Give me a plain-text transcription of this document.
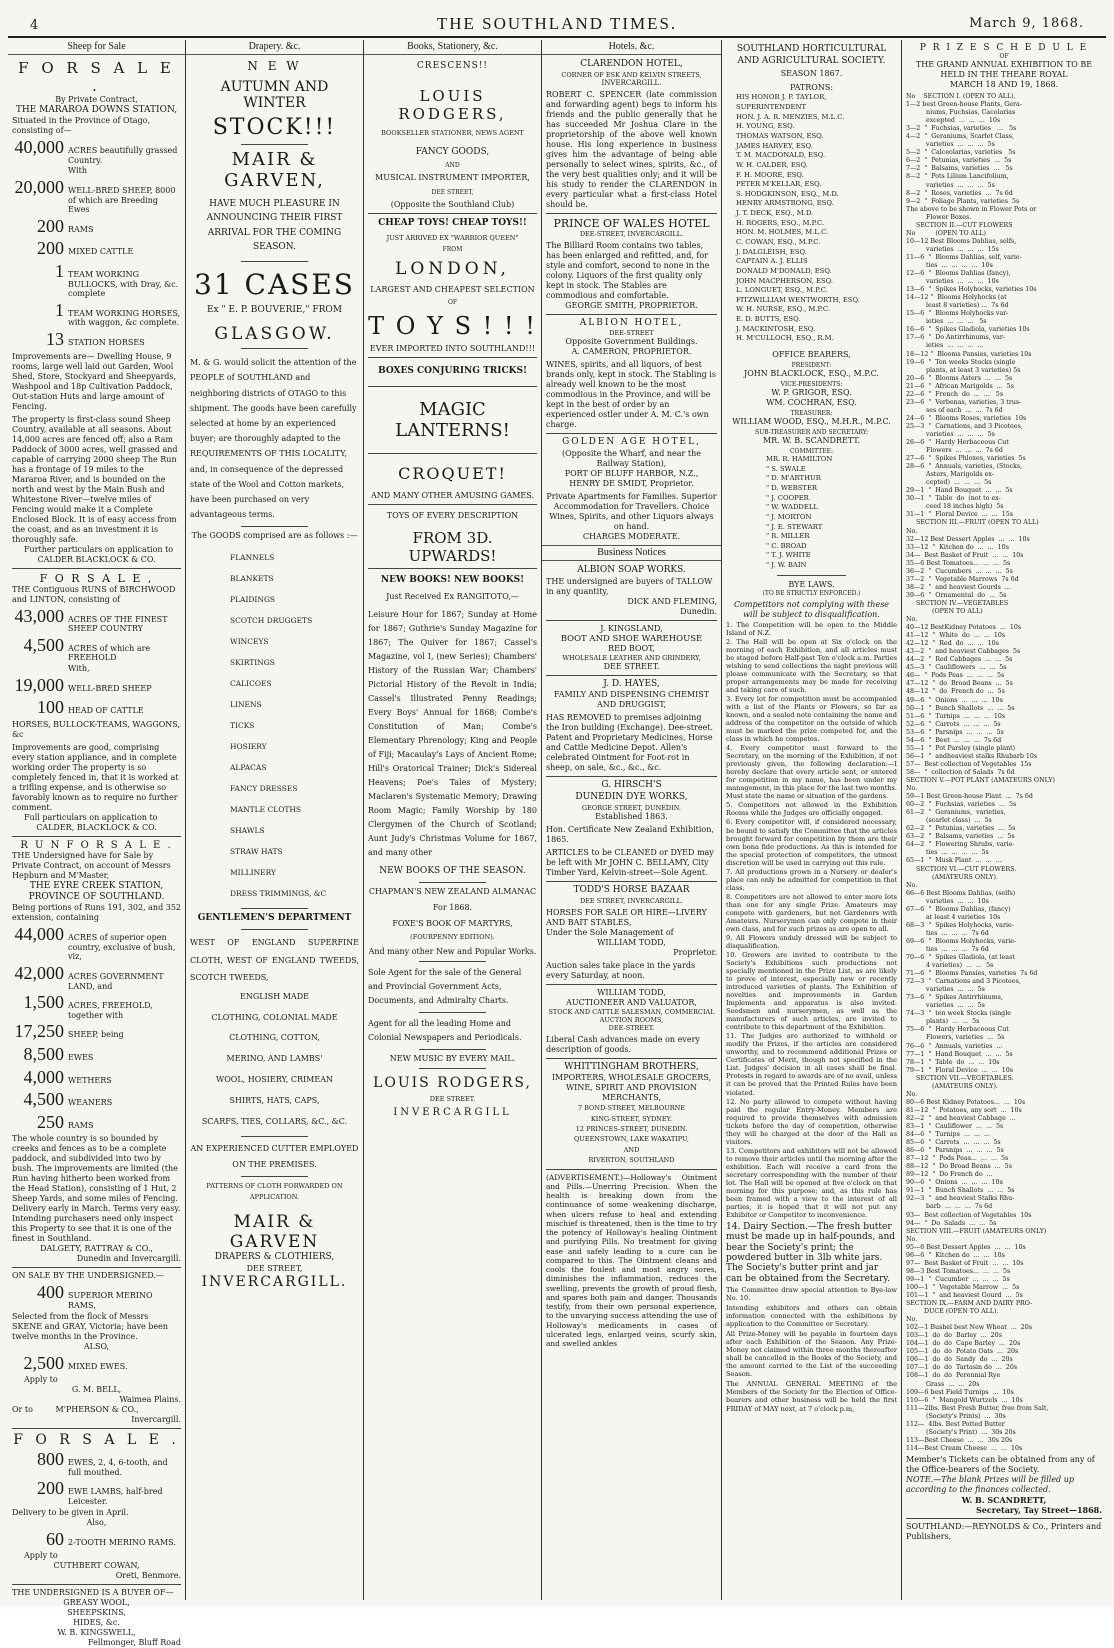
4	THE SOUTHLAND TIMES.	March 9, 1868.
Sheep for Sale
F O R S A L E .
By Private Contract,
THE MARAROA DOWNS STATION,
Situated in the Province of Otago, consisting of—
40,000 ACRES beautifully grassed Country.
With
20,000 WELL-BRED SHEEP, 8000 of which are Breeding Ewes
200 RAMS
200 MIXED CATTLE
1 TEAM WORKING BULLOCKS, with Dray, &c. complete
1 TEAM WORKING HORSES, with waggon, &c complete.
13 STATION HORSES

Improvements are— Dwelling House, 9 rooms, large well laid out Garden, Wool Shed, Store, Stockyard and Sheepyards, Washpool and 18p Cultivation Paddock, Out-station Huts and large amount of Fencing.

The property is first-class sound Sheep Country, available at all seasons. About 14,000 acres are fenced off; also a Ram Paddock of 3000 acres, well grassed and capable of carrying 2000 sheep The Run has a frontage of 19 miles to the Mararoa River, and is bounded on the north and west by the Main Bush and Whitestone River—twelve miles of Fencing would make it a Complete Enclosed Block. It is of easy access from the coast, and as an investment it is thoroughly safe.

Further particulars on application to
CALDER BLACKLOCK & CO.
F O R S A L E ,
THE Contiguous RUNS of BIRCHWOOD and LINTON, consisting of
43,000 ACRES OF THE FINEST SHEEP COUNTRY
4,500 ACRES of which are FREEHOLD
With,
19,000 WELL-BRED SHEEP
100 HEAD OF CATTLE
HORSES, BULLOCK-TEAMS, WAGGONS, &c

Improvements are good, comprising every station appliance, and in complete working order The property is so completely fenced in, that it is worked at a trifling expense, and is otherwise so favorably known as to require no further comment.

Full particulars on application to
CALDER, BLACKLOCK & CO.
R U N F O R S A L E .
THE Undersigned have for Sale by Private Contract, on account of Messrs Hepburn and M'Master,
THE EYRE CREEK STATION, PROVINCE OF SOUTHLAND.
Being portions of Runs 191, 302, and 352 extension, containing
44,000 ACRES of superior open country, exclusive of bush, viz,
42,000 ACRES GOVERNMENT LAND, and
1,500 ACRES, FREEHOLD, together with
17,250 SHEEP, being
8,500 EWES
4,000 WETHERS
4,500 WEANERS
250 RAMS

The whole country is so bounded by creeks and fences as to be a complete paddock, and subdivided into two by bush. The improvements are limited (the Run having hitherto been worked from the Head Station), consisting of 1 Hut, 2 Sheep Yards, and some miles of Fencing. Delivery early in March. Terms very easy. Intending purchasers need only inspect this Property to see that it is one of the finest in Southland.

DALGETY, RATTRAY & CO.,
Dunedin and Invercargill.
ON SALE BY THE UNDERSIGNED.—
400 SUPERIOR MERINO RAMS,
Selected from the flock of Messrs SKENE and GRAY, Victoria; have been twelve months in the Province.
ALSO,
2,500 MIXED EWES.
Apply to
G. M. BELL,
Waimea Plains.
Or to	M'PHERSON & CO.,
Invercargill.
F O R S A L E .
800 EWES, 2, 4, 6-tooth, and full mouthed.
200 EWE LAMBS, half-bred Leicester.
Delivery to be given in April.
Also,
60 2-TOOTH MERINO RAMS.
Apply to
CUTHBERT COWAN,
Oreti, Benmore.
THE UNDERSIGNED IS A BUYER OF—
GREASY WOOL,
SHEEPSKINS,
HIDES, &c.
W. B. KINGSWELL,
Fellmonger, Bluff Road
Drapery. &c.
N E W
AUTUMN AND WINTER
STOCK!!!
MAIR & GARVEN,
HAVE MUCH PLEASURE IN ANNOUNCING THEIR FIRST ARRIVAL FOR THE COMING SEASON.
31 CASES
Ex " E. P. BOUVERIE," FROM
GLASGOW.

M. & G. would solicit the attention of the PEOPLE of SOUTHLAND and neighboring districts of OTAGO to this shipment. The goods have been carefully selected at home by an experienced buyer; are thoroughly adapted to the REQUIREMENTS OF THIS LOCALITY, and, in consequence of the depressed state of the Wool and Cotton markets, have been purchased on very advantageous terms.

The GOODS comprised are as follows :—
FLANNELS
BLANKETS
PLAIDINGS
SCOTCH DRUGGETS
WINCEYS
SKIRTINGS
CALICOES
LINENS
TICKS
HOSIERY
ALPACAS
FANCY DRESSES
MANTLE CLOTHS
SHAWLS
STRAW HATS
MILLINERY
DRESS TRIMMINGS, &C
GENTLEMEN'S DEPARTMENT

WEST OF ENGLAND SUPERFINE CLOTH, WEST OF ENGLAND TWEEDS, SCOTCH TWEEDS,

ENGLISH MADE
CLOTHING, COLONIAL MADE
CLOTHING, COTTON,
MERINO, AND LAMBS'
WOOL, HOSIERY, CRIMEAN
SHIRTS, HATS, CAPS,
SCARFS, TIES, COLLARS, &C., &C.
AN EXPERIENCED CUTTER EMPLOYED ON THE PREMISES.
PATTERNS OF CLOTH FORWARDED ON APPLICATION.
MAIR & GARVEN
DRAPERS & CLOTHIERS,
DEE STREET,
INVERCARGILL.
Books, Stationery, &c.
CRESCENS!!
LOUIS RODGERS,
BOOKSELLER STATIONER, NEWS AGENT
FANCY GOODS,
AND
MUSICAL INSTRUMENT IMPORTER,
DEE STREET,
(Opposite the Southland Club)
CHEAP TOYS! CHEAP TOYS!!
JUST ARRIVED EX "WARRIOR QUEEN"
FROM
LONDON,
LARGEST AND CHEAPEST SELECTION
OF
T O Y S ! ! !
EVER IMPORTED INTO SOUTHLAND!!!
BOXES CONJURING TRICKS!
MAGIC LANTERNS!
CROQUET!
AND MANY OTHER AMUSING GAMES.
TOYS OF EVERY DESCRIPTION
FROM 3D. UPWARDS!
NEW BOOKS! NEW BOOKS!
Just Received Ex RANGITOTO,—

Leisure Hour for 1867; Sunday at Home for 1867; Guthrie's Sunday Magazine for 1867; The Quiver for 1867; Cassel's Magazine, vol I, (new Series); Chambers' History of the Russian War; Chambers' Pictorial History of the Revolt in India; Cassel's Illustrated Penny Readings; Every Boys' Annual for 1868; Combe's Constitution of Man; Combe's Elementary Phrenology; King and People of Fiji; Macaulay's Lays of Ancient Rome; Hill's Oratorical Trainer; Dick's Sidereal Heavens; Poe's Tales of Mystery; Maclaren's Systematic Memory; Drawing Room Magic; Family Worship by 180 Clergymen of the Church of Scotland; Aunt Judy's Christmas Volume for 1867, and many other

NEW BOOKS OF THE SEASON.
CHAPMAN'S NEW ZEALAND ALMANAC
For 1868.
FOXE'S BOOK OF MARTYRS,
(FOURPENNY EDITION).
And many other New and Popular Works.

Sole Agent for the sale of the General and Provincial Government Acts, Documents, and Admiralty Charts.

Agent for all the leading Home and Colonial Newspapers and Periodicals.

NEW MUSIC BY EVERY MAIL.
LOUIS RODGERS,
DEE STREET.
INVERCARGILL
Hotels. &c.
CLARENDON HOTEL,
CORNER OF ESK AND KELVIN STREETS,
INVERCARGILL.

ROBERT C. SPENCER (late commission and forwarding agent) begs to inform his friends and the public generally that he has succeeded Mr Joshua Clare in the proprietorship of the above well known house. His long experience in business gives him the advantage of being able personally to select wines, spirits, &c., of the very best qualities only; and it will be his study to render the CLARENDON in every particular what a first-class Hotel should be.

PRINCE OF WALES HOTEL
DEE-STREET, INVERCARGILL.

The Billiard Room contains two tables, has been enlarged and refitted, and, for style and comfort, second to none in the colony. Liquors of the first quality only kept in stock. The Stables are commodious and comfortable.

GEORGE SMITH, PROPRIETOR.
ALBION HOTEL,
DEE-STREET
Opposite Government Buildings.
A. CAMERON, PROPRIETOR.

WINES, spirits, and all liquors, of best brands only, kept in stock. The Stabling is already well known to be the most commodious in the Province, and will be kept in the best of order by an experienced ostler under A. M. C.'s own charge.

GOLDEN AGE HOTEL,
(Opposite the Wharf, and near the Railway Station),
PORT OF BLUFF HARBOR, N.Z.,
HENRY DE SMIDT, Proprietor.

Private Apartments for Families. Superior Accommodation for Travellers. Choice Wines, Spirits, and other Liquors always on hand.

CHARGES MODERATE.
Business Notices
ALBION SOAP WORKS.

THE undersigned are buyers of TALLOW in any quantity,

DICK AND FLEMING,
Dunedin.
J. KINGSLAND,
BOOT AND SHOE WAREHOUSE
RED BOOT,
WHOLESALE LEATHER AND GRINDERY,
DEE STREET.
J. D. HAYES,
FAMILY AND DISPENSING CHEMIST AND DRUGGIST,

HAS REMOVED to premises adjoining the Iron building (Exchange). Dee-street. Patent and Proprietary Medicines, Horse and Cattle Medicine Depot. Allen's celebrated Ointment for Foot-rot in sheep, on sale, &c., &c., &c.

G. HIRSCH'S
DUNEDIN DYE WORKS,
GEORGE STREET, DUNEDIN.
Established 1863.
Hon. Certificate New Zealand Exhibition, 1865.

ARTICLES to be CLEANED or DYED may be left with Mr JOHN C. BELLAMY, City Timber Yard, Kelvin-street—Sole Agent.

TODD'S HORSE BAZAAR
DEE STREET, INVERCARGILL.
HORSES FOR SALE OR HIRE—LIVERY AND BAIT STABLES,
Under the Sole Management of
WILLIAM TODD,
Proprietor.

Auction sales take place in the yards every Saturday, at noon.

WILLIAM TODD,
AUCTIONEER AND VALUATOR,
STOCK AND CATTLE SALESMAN, COMMERCIAL AUCTION ROOMS,
DEE-STREET.

Liberal Cash advances made on every description of goods.

WHITTINGHAM BROTHERS,
IMPORTERS, WHOLESALE GROCERS, WINE, SPIRIT AND PROVISION MERCHANTS,
7 BOND-STREET, MELBOURNE
KING-STREET, SYDNEY.
12 PRINCES-STREET, DUNEDIN.
QUEENSTOWN, LAKE WAKATIPU,
AND
RIVERTON, SOUTHLAND

(ADVERTISEMENT.)—Holloway's Ointment and Pills.—Unerring Precision. When the health is breaking down from the continuance of some weakening discharge, when ulcers refuse to heal and extending mischief is threatened, then is the time to try the potency of Holloway's healing Ointment and purifying Pills. No treatment for giving ease and safely leading to a cure can be compared to this. The Ointment cleans and cools the foulest and most angry sores, diminishes the inflammation, reduces the swelling, prevents the growth of proud flesh, and spares both pain and danger. Thousands testify, from their own personal experience, to the unvarying success attending the use of Holloway's medicaments in cases of ulcerated legs, enlarged veins, scurfy skin, and swelled ankles

SOUTHLAND HORTICULTURAL AND AGRICULTURAL SOCIETY.
SEASON 1867.
PATRONS:
HIS HONOR J. P. TAYLOR, SUPERINTENDENT
HON. J. A. R. MENZIES, M.L.C.
H. YOUNG, ESQ.
THOMAS WATSON, ESQ.
JAMES HARVEY, ESQ.
T. M. MACDONALD, ESQ.
W. H. CALDER, ESQ.
F. H. MOORE, ESQ.
PETER M'KELLAR, ESQ.
S. HODGKINSON, ESQ., M.D.
HENRY ARMSTRONG, ESQ.
J. T. DECK, ESQ., M.D.
H. ROGERS, ESQ., M.P.C.
HON. M. HOLMES, M.L.C.
C. COWAN, ESQ., M.P.C.
J. DALGLEISH, ESQ.
CAPTAIN A. J. ELLIS
DONALD M'DONALD, ESQ.
JOHN MACPHERSON, ESQ.
L. LONGUET, ESQ., M.P.C.
FITZWILLIAM WENTWORTH, ESQ.
W. H. NURSE, ESQ., M.P.C.
E. D. BUTTS, ESQ.
J. MACKINTOSH, ESQ.
H. M'CULLOCH, ESQ., R.M.
OFFICE BEARERS,
PRESIDENT:
JOHN BLACKLOCK, ESQ., M.P.C.
VICE-PRESIDENTS:
W. P. GRIGOR, ESQ.
WM. COCHRAN, ESQ.
TREASURER:
WILLIAM WOOD, ESQ., M.H.R., M.P.C.
SUB-TREASURER AND SECRETARY:
MR. W. B. SCANDRETT.
COMMITTEE:
MR. R. HAMILTON
" S. SWALE
" D. M'ARTHUR
" D. WEBSTER
" J. COOPER
" W. WADDELL
" J. MORTON
" J. E. STEWART
" R. MILLER
" C. BROAD
" T. J. WHITE
" J. W. BAIN
BYE LAWS.
(TO BE STRICTLY ENFORCED.)
Competitors not complying with these will be subject to disqualification.
1. The Competition will be open to the Middle Island of N.Z.
2. The Hall will be open at Six o'clock on the morning of each Exhibition, and all articles must be staged before Half-past Ten o'clock a.m. Parties wishing to send collections the night previous will please communicate with the Secretary, so that proper arrangements may be made for receiving and taking care of such.
3. Every lot for competition must be accompanied with a list of the Plants or Flowers, so far as known, and a sealed note containing the name and address of the competitor on the outside of which must be marked the prize competed for, and the class in which he competes.
4. Every competitor must forward to the Secretary, on the morning of the Exhibition, if not previously given, the following declaration:—I hereby declare that every article sent, or entered for competition in my name, has been under my management, in this place for the last two months. Must state the name or situation of the gardens.
5. Competitors not allowed in the Exhibition Rooms while the Judges are officially engaged.
6. Every competitor will, if considered necessary, be bound to satisfy the Committee that the articles brought forward for competition by them are their own bona fide productions. As this is intended for the special protection of competitors, the utmost discretion will be used in carrying out this rule.
7. All productions grown in a Nursery or dealer's place can only be admitted for competition in that class.
8. Competitors are not allowed to enter more lots than one for any single Prize. Amateurs may compete with gardeners, but not Gardeners with Amateurs. Nurserymen can only compete in their own class, and for such prizes as are open to all.
9. All Flowers unduly dressed will be subject to disqualification.
10. Growers are invited to contribute to the Society's Exhibitions such productions not specially mentioned in the Prize List, as are likely to prove of interest, especially new or recently introduced varieties of plants. The Exhibition of novelties and improvements in Garden Implements and apparatus is also invited. Seedsmen and nurserymen, as well as the manufacturers of such articles, are invited to contribute to this department of the Exhibition.
11. The Judges are authorized to withhold or modify the Prizes, if the articles are considered unworthy, and to recommend additional Prizes or Certificates of Merit, though not specified in the List. Judges' decision in all cases shall be final. Protests in regard to awards are of no avail, unless it can be proved that the Printed Rules have been violated.
12. No party allowed to compete without having paid the regular Entry-Money. Members are required to provide themselves with admission tickets before the day of competition, otherwise they will be charged at the door of the Hall as visitors.
13. Competitors and exhibitors will not be allowed to remove their articles until the morning after the exhibition. Each will receive a card from the secretary corresponding with the number of their lot. The Hall will be opened at five o'clock on that morning for this purpose; and, as this rule has been framed with a view to the interest of all parties, it is hoped that it will not put any Exhibitor or Competitor to inconvenience.
14. Dairy Section.—The fresh butter must be made up in half-pounds, and bear the Society's print; the powdered butter in 3lb white jars. The Society's butter print and jar can be obtained from the Secretary.
The Committee draw special attention to Bye-law No. 10.
Intending exhibitors and others can obtain information connected with the exhibitions by application to the Committee or Secretary.
All Prize-Money will be payable in fourteen days after each Exhibition of the Season. Any Prize-Money not claimed within three months thereafter shall be cancelled in the Books of the Society, and the amount carried to the List of the succeeding Season.
The ANNUAL GENERAL MEETING of the Members of the Society for the Election of Office-bearers and other business will be held the first FRIDAY of MAY next, at 7 o'clock p.m,
P R I Z E S C H E D U L E
OF
THE GRAND ANNUAL EXHIBITION TO BE HELD IN THE THEARE ROYAL
MARCH 18 AND 19, 1868.
No    SECTION I. (OPEN TO ALL).
1—2 best Green-house Plants, Gera-
niums, Fuchsias, Cacolarias
excepted  ...  ...  ...  10s
3—2  "  Fuchsias, varieties   ...   5s
4—2  "  Geraniums, Scarlet Class,
varieties  ...  ...  ...  5s
5—2  "  Calceolarias, varieties   5s
6—2  "  Petunias, varieties  ...  5s
7—2  "  Balsams, varieties  ...   5s
8—2  "  Pots Lilium Lancifolium,
varieties  ...  ...  ...  5s
8—2  "  Roses, varieties  ...  7s 6d
9—2  "  Foliage Plants, varieties  5s
The above to be shown in Flower Pots or
Flower Boxes.
SECTION II.—CUT FLOWERS
No          (OPEN TO ALL)
10—12 Best Blooms Dahlias, selfs,
varieties  ...  ...  ...  15s
11—6  "  Blooms Dahlias, self, varie-
ties  ...  ...  ...  ...  10s
12—6  "  Blooms Dahlias (fancy),
varieties  ...  ...  ...  10s
13—6  "  Spikes Holyhocks, varieties 10s
14—12 "  Blooms Holyhocks (at
least 8 varieties) ...  7s 6d
15—6  "  Blooms Holyhocks var-
ieties  ...  ...  ...   5s
16—6  "  Spikes Gladiola, varieties 10s
17—6  "  Do Antirrhinums, var-
ieties  ...  ...  ...  ...
18—12 "  Blooms Pansies, varieties 10s
19—6  "  Ten weeks Stocks (single
plants, at least 3 varieties) 5s
20—6  "  Blooms Asters  ...  ...  5s
21—6  "  African Marigolds  ...  5s
22—6  "  French  do  ...  ...   5s
23—6  "  Verbenas, varieties, 3 trus-
ses of each  ...  ...  7s 6d
24—6  "  Blooms Roses, varieties  10s
25—3  "  Carnations, and 3 Picotees,
varieties  ...  ...  ...  5s
26—6  "  Hardy Herbaceous Cut
Flowers  ...  ...  ...  7s 6d
27—6  "  Spikes Phloxes, varieties  5s
28—6  "  Annuals, varieties, (Stocks,
Asters, Marigolds ex-
cepted)  ...  ...  ...  5s
29—1  "  Hand Bouquet  ...  ...  5s
30—1  "  Table  do  (not to ex-
ceed 18 inches high)  5s
31—1  "  Floral Device  ...  ...  15s
SECTION III.—FRUIT (OPEN TO ALL)
No.
32—12 Best Dessert Apples  ...  ...  10s
33—12  "  Kitchen do  ...  ...  10s
34—  Best Basket of Fruit  ...  ...  10s
35—6 Best Tomatoes...  ...  ...  5s
36—2  "  Cucumbers  ...  ...  ...  5s
37—2  "  Vegetable Marrows  7s 6d
38—2  "  and heaviest Gourds  ...
39—6  "  Ornamental  do  ...  5s
SECTION IV.—VEGETABLES
(OPEN TO ALL)
No.
40—12 BestKidney Potatoes  ...  10s
41—12  "  White  do  ...  ...  10s
42—12  "  Red  do  ...  ...  10s
43—2  "  and heaviest Cabbages  5s
44—2  "  Red Cabbages  ...  ...  5s
45—3  "  Cauliflowers  ...  ...  5s
46—  "  Pods Peas  ...  ...  ...  5s
47—12  "  do  Broad Beans  ...  5s
48—12  "  do  French do  ...  5s
49—6  "  Onions  ...  ...  ...  10s
50—1  "  Bunch Shallots  ...  ...  5s
51—6  "  Turnips  ...  ...  ...  10s
52—6  "  Carrots  ...  ...  ...  5s
53—6  "  Parsnips  ...  ...  ...  5s
54—6  "  Beet  ...  ...  ...  7s 6d
55—1  "  Pot Parsley (single plant)
56—1  "  andheaviest stalks Rhubarb 10s
57—  Best collection of Vegetables  15s
58—  "  collection of Salads  7s 6d
SECTION V.—POT PLANT (AMATEURS ONLY)
No.
59—1 Best Green-house Plant  ...  7s 6d
60—2  "  Fuchsias, varieties  ...  5s
61—2  "  Geraniums,  varieties,
(scarlet class)  ...  5s
62—2  "  Petunias, varieties  ...  5s
63—2  "  Balsams, varieties  ...  5s
64—2  "  Flowering Shrubs, varie-
ties  ...  ...  ...  ...  5s
65—1  "  Musk Plant  ...  ...  ...
SECTION VI.—CUT FLOWERS.
(AMATEURS ONLY).
No.
66—6 Best Blooms Dahlias, (selfs)
varieties  ...  ...  10s
67—6  "  Blooms Dahlias, (fancy)
at least 4 varieties  10s
68—3  "  Spikes Holyhocks, varie-
ties  ...  ...  ...  7s 6d
69—6  "  Blooms Holyhocks, varie-
ties  ...  ...  ...  7s 6d
70—6  "  Spikes Gladiola, (at least
4 varieties)  ...  ...  5s
71—6  "  Blooms Pansies, varieties  7s 6d
72—3  "  Carnations and 3 Picotees,
varieties  ...  ...  5s
73—6  "  Spikes Antirrhinums,
varieties  ...  ...  5s
74—3  "  ten week Stocks (single
plants)  ...  ...  5s
75—6  "  Hardy Herbaceous Cut
Flowers, varieties  ...  5s
76—6  "  Annuals, varieties  ...
77—1  "  Hand Bouquet  ...  ...  5s
78—1  "  Table  do  ...  ...  10s
79—1  "  Floral Device  ...  ...  10s
SECTION VII.—VEGETABLES.
(AMATEURS ONLY).
No.
80—6 Best Kidney Potatoes...  ...  10s
81—12  "  Potatoes, any sort  ...  10s
82—2  "  and heaviest Cabbage  ...
83—1  "  Cauliflower  ...  ...  5s
84—6  "  Turnips  ...  ...  ...
85—6  "  Carrots  ...  ...  ...  5s
86—6  "  Parsnips  ...  ...  ...  5s
87—12  "  Pods Peas...  ...  ...  5s
88—12  "  Do Broad Beans  ...  5s
89—12  "  Do French do  ...
90—6  "  Onions  ...  ...  ...  10s
91—1  "  Bunch Shallots  ...  ...  5s
92—3  "  and heaviest Stalks Rhu-
barb  ...  ...  ...  7s 6d
93—  Best collection of Vegetables  10s
94—  "  Do  Salads  ...  ...  5s
SECTION VIII.—FRUIT (AMATEURS ONLY)
No.
95—6 Best Dessert Apples  ...  ...  10s
96—6  "  Kitchen do  ...  ...  10s
97—  Best Basket of Fruit  ...  ...  10s
98—3 Best Tomatoes...  ...  ...  5s
99—1  "  Cucumber  ...  ...  ...  5s
100—1  "  Vegetable Marrow  ...  5s
101—1  "  and heaviest Gourd  ...  5s
SECTION IX.—FARM AND DAIRY PRO-
DUCE (OPEN TO ALL).
No.
102—1 Bushel best New Wheat  ...  20s
103—1  do  do  Barley  ...  20s
104—1  do  do  Cape Barley  ...  20s
105—1  do  do  Potato Oats  ...  20s
106—1  do  do  Sandy  do  ...  20s
107—1  do  do  Tartasin do  ...  20s
108—1  do  do  Perennial Rye
Grass  ...  ...  20s
109—6 best Field Turnips  ...  10s
110—6  "  Mangold Wurtzels  ...  10s
111—2lbs. Best Fresh Butter, free from Salt,
(Society's Prints)  ...  30s
112—  4lbs. Best Potted Butter
(Society's Print)  ...  30s 20s
113—Best Cheese  ...  ...  30s 20s
114—Best Cream Cheese  ...  ...  10s
Member's Tickets can be obtained from any of the Office-bearers of the Society.
NOTE.—The blank Prizes will be filled up according to the finances collected.
W. B. SCANDRETT,
Secretary, Tay Street—1868.
SOUTHLAND:—REYNOLDS & Co., Printers and Publishers,
